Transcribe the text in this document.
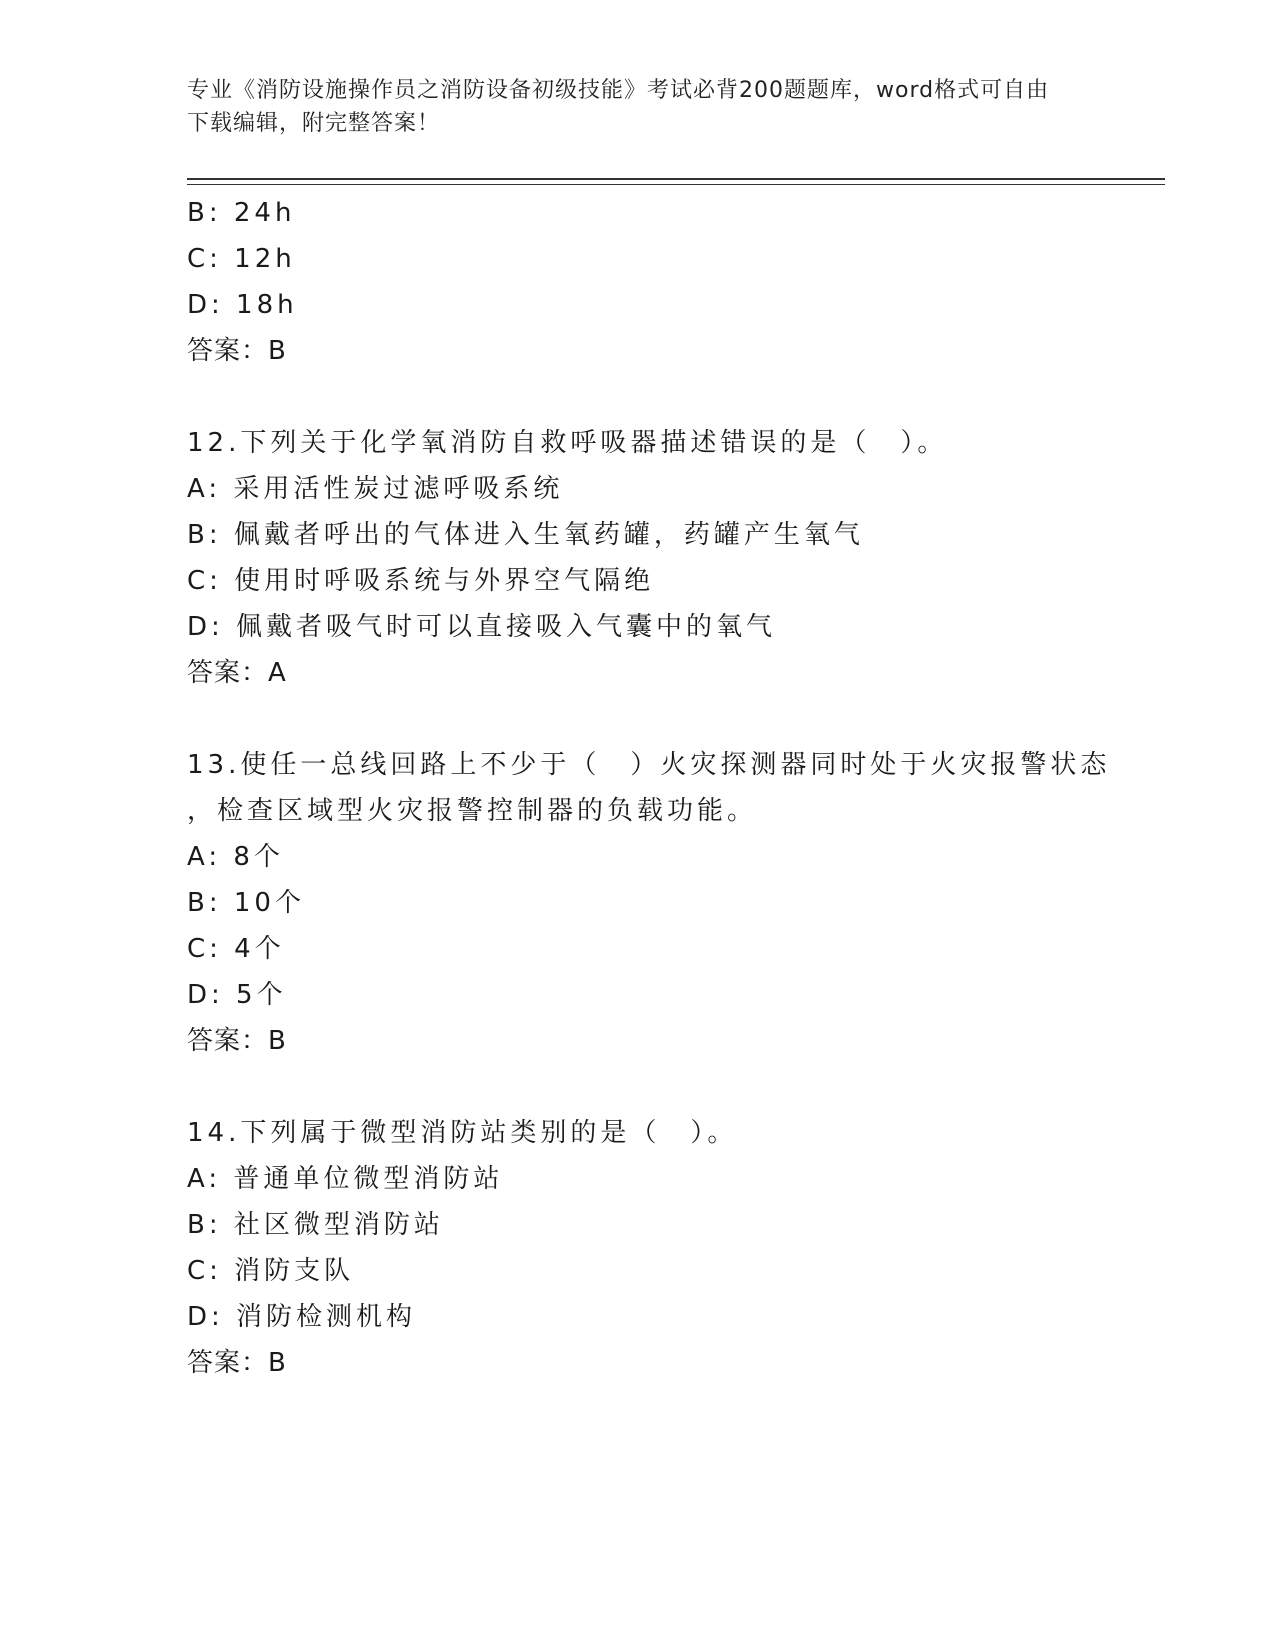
专业《消防设施操作员之消防设备初级技能》考试必背200题题库，word格式可自由下载编辑，附完整答案！
B: 24h
C: 12h
D: 18h
答案：B
12.下列关于化学氧消防自救呼吸器描述错误的是（　）。
A: 采用活性炭过滤呼吸系统
B: 佩戴者呼出的气体进入生氧药罐，药罐产生氧气
C: 使用时呼吸系统与外界空气隔绝
D: 佩戴者吸气时可以直接吸入气囊中的氧气
答案：A
13.使任一总线回路上不少于（　）火灾探测器同时处于火灾报警状态
，检查区域型火灾报警控制器的负载功能。
A: 8个
B: 10个
C: 4个
D: 5个
答案：B
14.下列属于微型消防站类别的是（　）。
A: 普通单位微型消防站
B: 社区微型消防站
C: 消防支队
D: 消防检测机构
答案：B
